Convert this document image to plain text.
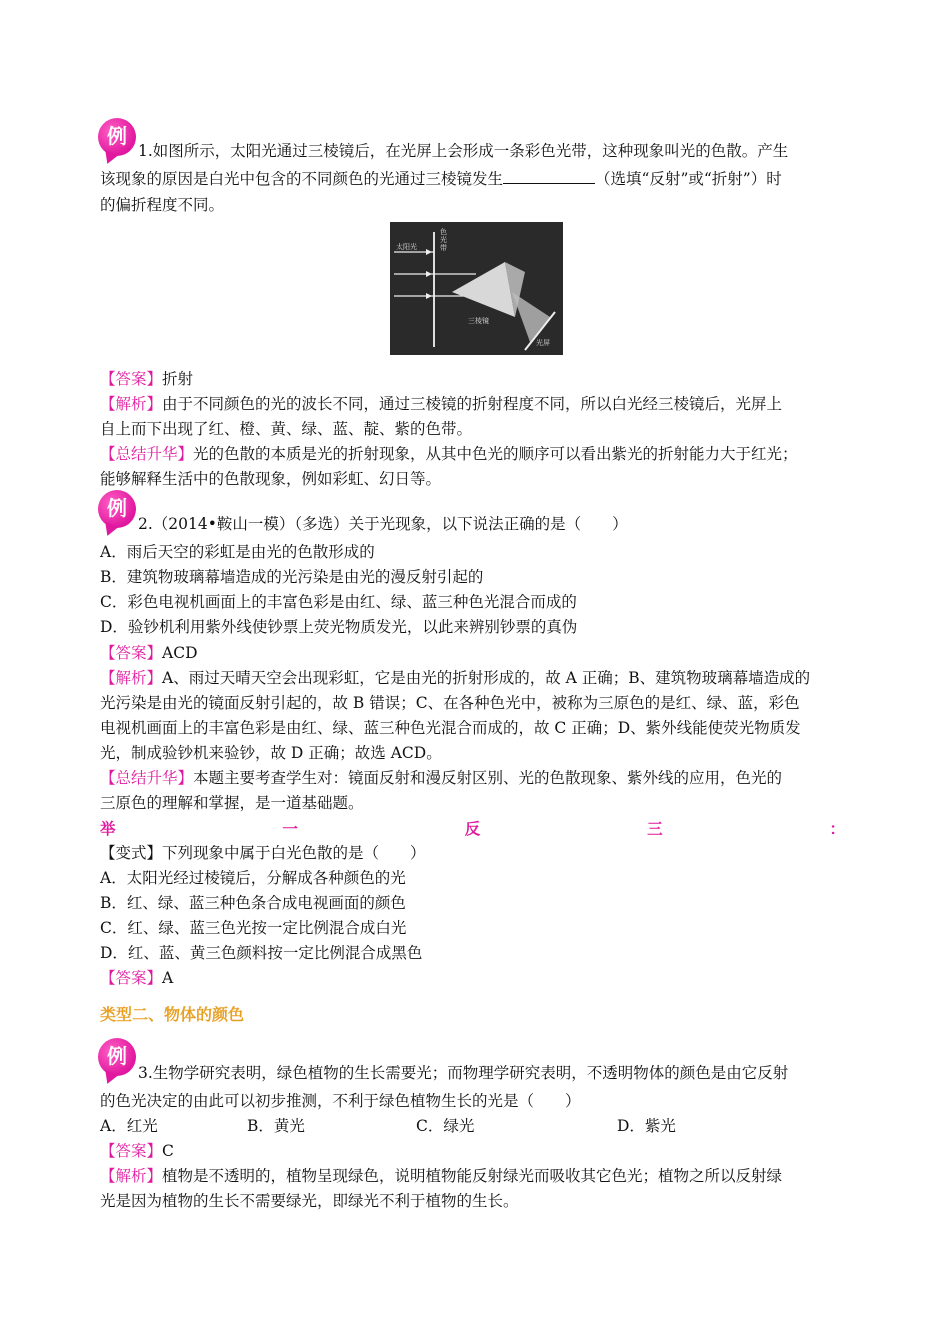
例
1.如图所示，太阳光通过三棱镜后，在光屏上会形成一条彩色光带，这种现象叫光的色散。产生
该现象的原因是白光中包含的不同颜色的光通过三棱镜发生	（选填“反射”或“折射”）时
的偏折程度不同。
太阳光
色光带
三棱镜
光屏
【答案】折射
【解析】由于不同颜色的光的波长不同，通过三棱镜的折射程度不同，所以白光经三棱镜后，光屏上
自上而下出现了红、橙、黄、绿、蓝、靛、紫的色带。
【总结升华】光的色散的本质是光的折射现象，从其中色光的顺序可以看出紫光的折射能力大于红光；
能够解释生活中的色散现象，例如彩虹、幻日等。
例
2.（2014•鞍山一模）（多选）关于光现象，以下说法正确的是（　　）
A．雨后天空的彩虹是由光的色散形成的
B．建筑物玻璃幕墙造成的光污染是由光的漫反射引起的
C．彩色电视机画面上的丰富色彩是由红、绿、蓝三种色光混合而成的
D．验钞机利用紫外线使钞票上荧光物质发光，以此来辨别钞票的真伪
【答案】ACD
【解析】A、雨过天晴天空会出现彩虹，它是由光的折射形成的，故 A 正确；B、建筑物玻璃幕墙造成的
光污染是由光的镜面反射引起的，故 B 错误；C、在各种色光中，被称为三原色的是红、绿、蓝，彩色
电视机画面上的丰富色彩是由红、绿、蓝三种色光混合而成的，故 C 正确；D、紫外线能使荧光物质发
光，制成验钞机来验钞，故 D 正确；故选 ACD。
【总结升华】本题主要考查学生对：镜面反射和漫反射区别、光的色散现象、紫外线的应用，色光的
三原色的理解和掌握，是一道基础题。
举	一	反	三	：
【变式】下列现象中属于白光色散的是（　　）
A．太阳光经过棱镜后，分解成各种颜色的光
B．红、绿、蓝三种色条合成电视画面的颜色
C．红、绿、蓝三色光按一定比例混合成白光
D．红、蓝、黄三色颜料按一定比例混合成黑色
【答案】A
类型二、物体的颜色
例
3.生物学研究表明，绿色植物的生长需要光；而物理学研究表明，不透明物体的颜色是由它反射
的色光决定的由此可以初步推测，不利于绿色植物生长的光是（　　）
A．红光	B．黄光	C．绿光	D．紫光
【答案】C
【解析】植物是不透明的，植物呈现绿色，说明植物能反射绿光而吸收其它色光；植物之所以反射绿
光是因为植物的生长不需要绿光，即绿光不利于植物的生长。
